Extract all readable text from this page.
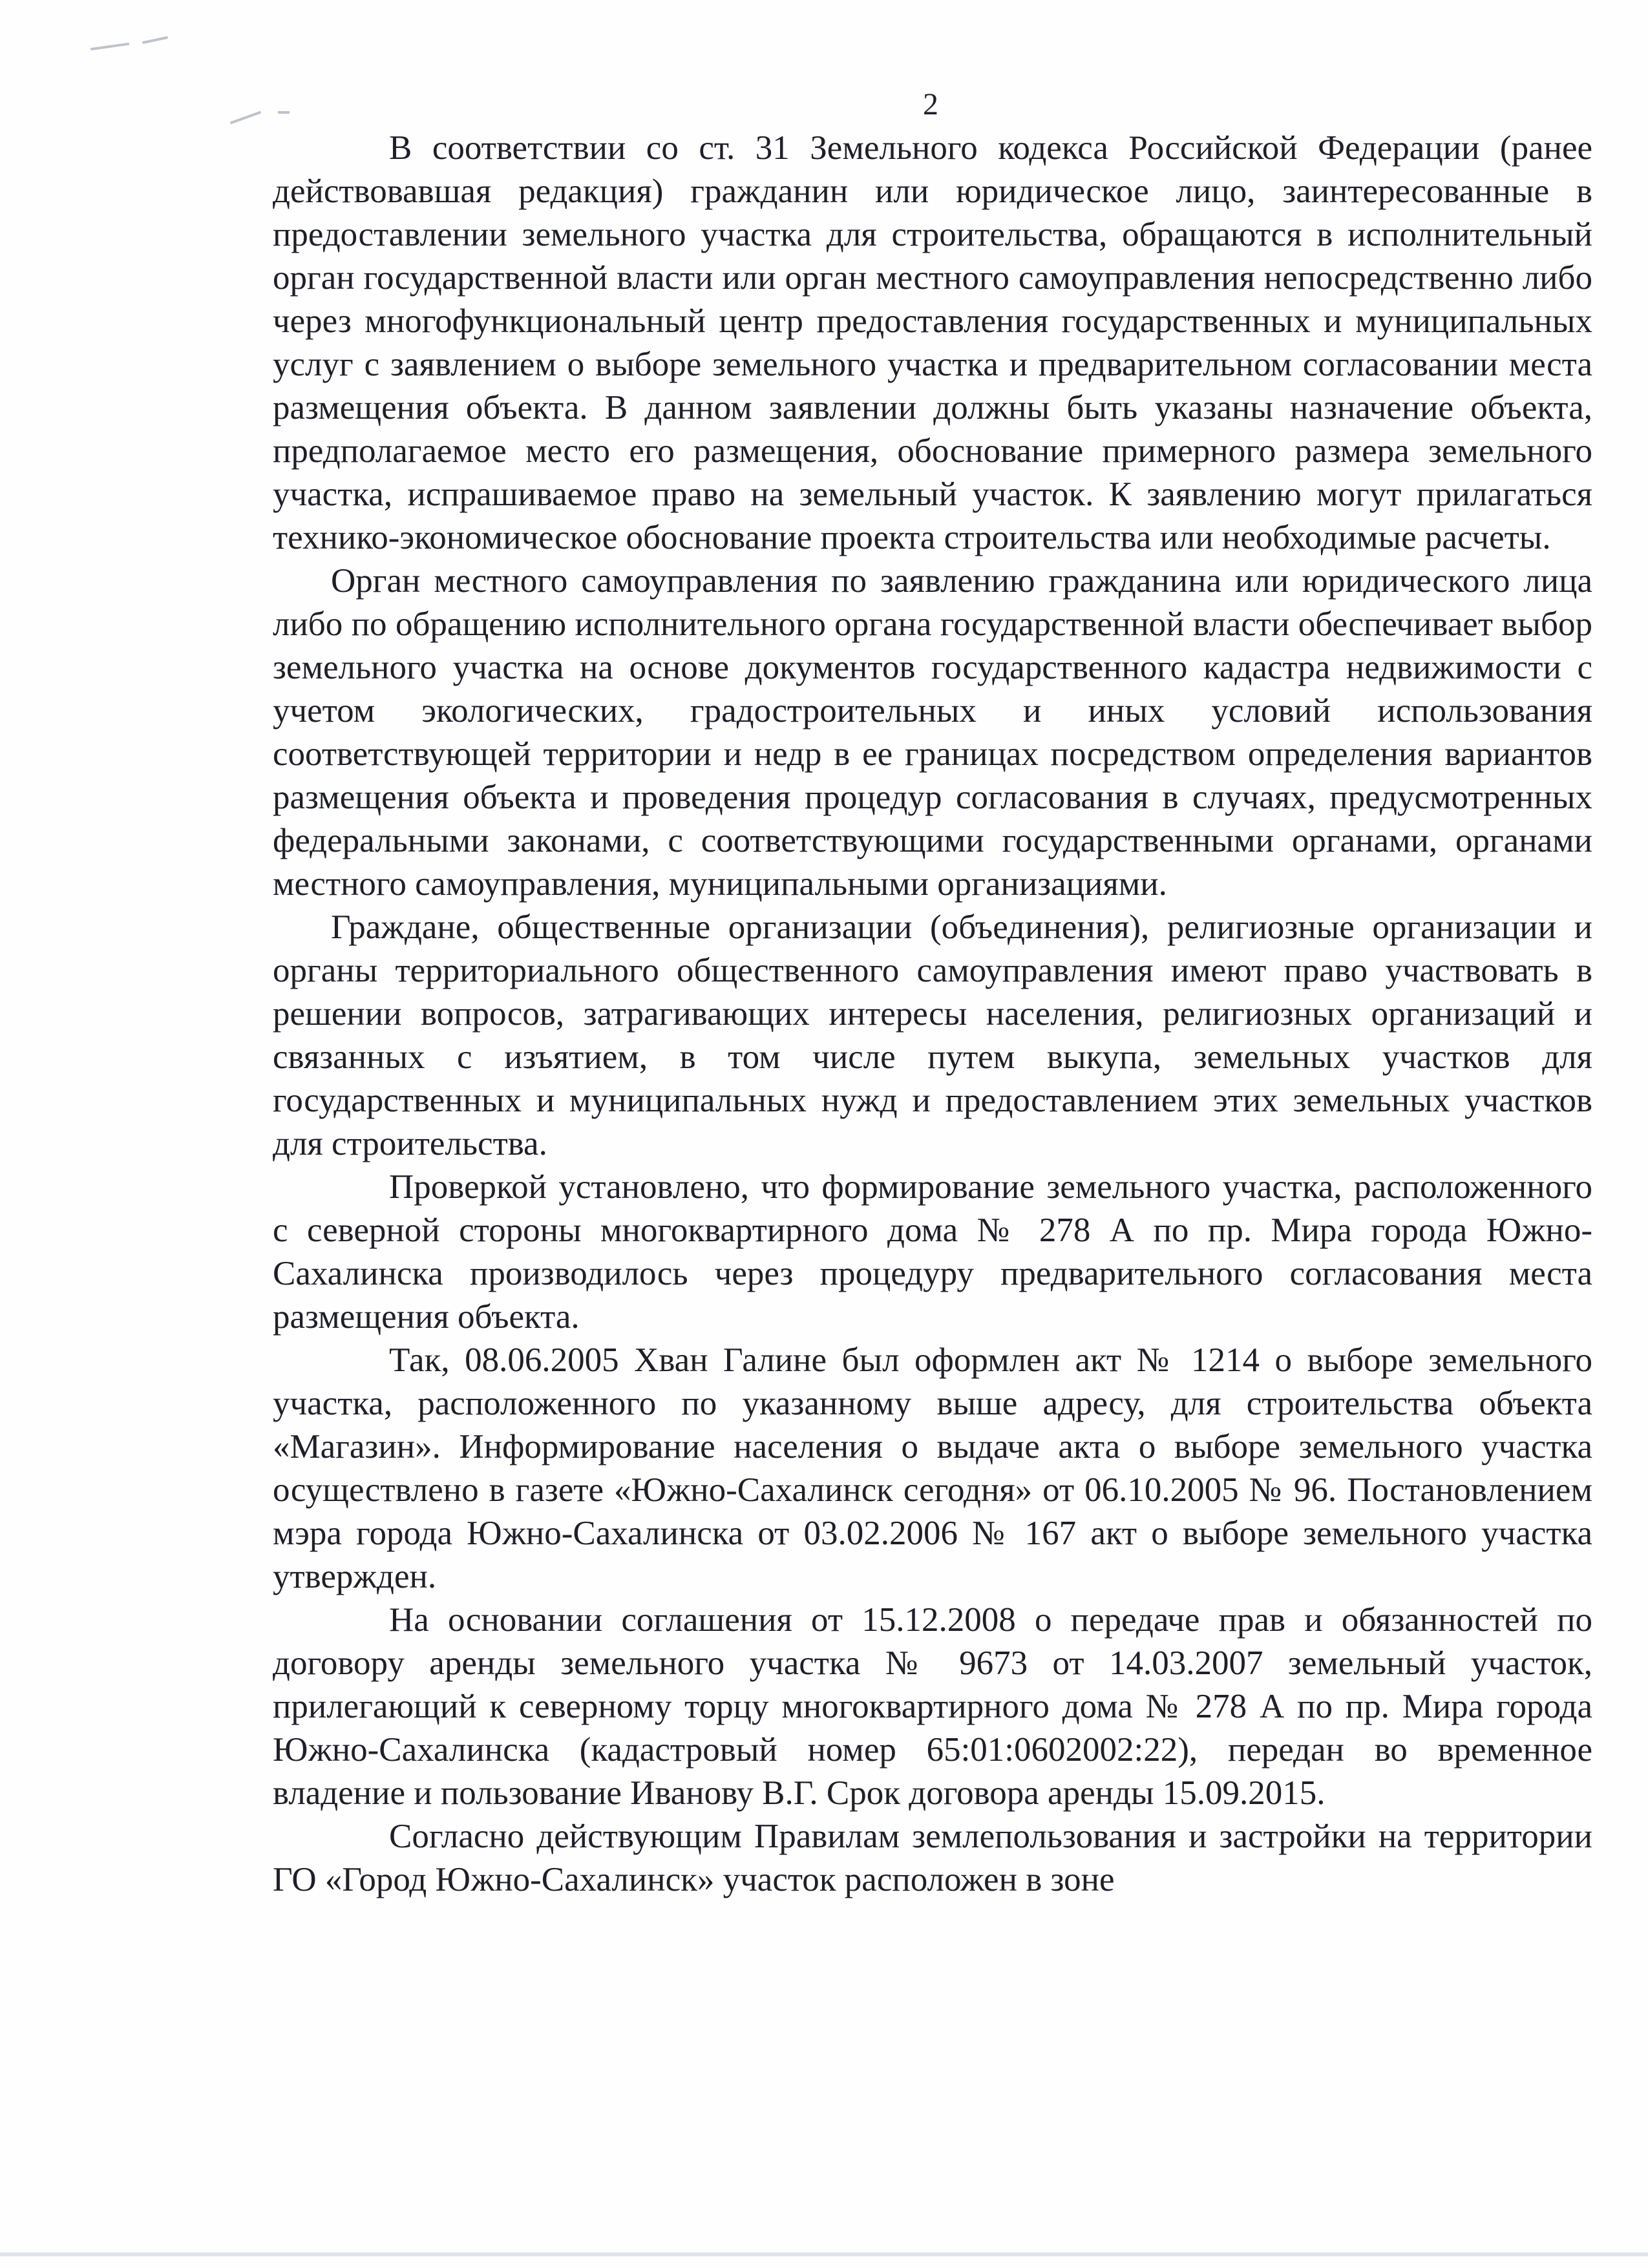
2

В соответствии со ст. 31 Земельного кодекса Российской Федерации (ранее действовавшая редакция) гражданин или юридическое лицо, заинтересованные в предоставлении земельного участка для строительства, обращаются в исполнительный орган государственной власти или орган местного самоуправления непосредственно либо через многофункциональный центр предоставления государственных и муниципальных услуг с заявлением о выборе земельного участка и предварительном согласовании места размещения объекта. В данном заявлении должны быть указаны назначение объекта, предполагаемое место его размещения, обоснование примерного размера земельного участка, испрашиваемое право на земельный участок. К заявлению могут прилагаться технико-экономическое обоснование проекта строительства или необходимые расчеты.

Орган местного самоуправления по заявлению гражданина или юридического лица либо по обращению исполнительного органа государственной власти обеспечивает выбор земельного участка на основе документов государственного кадастра недвижимости с учетом экологических, градостроительных и иных условий использования соответствующей территории и недр в ее границах посредством определения вариантов размещения объекта и проведения процедур согласования в случаях, предусмотренных федеральными законами, с соответствующими государственными органами, органами местного самоуправления, муниципальными организациями.

Граждане, общественные организации (объединения), религиозные организации и органы территориального общественного самоуправления имеют право участвовать в решении вопросов, затрагивающих интересы населения, религиозных организаций и связанных с изъятием, в том числе путем выкупа, земельных участков для государственных и муниципальных нужд и предоставлением этих земельных участков для строительства.

Проверкой установлено, что формирование земельного участка, расположенного с северной стороны многоквартирного дома № 278 А по пр. Мира города Южно-Сахалинска производилось через процедуру предварительного согласования места размещения объекта.

Так, 08.06.2005 Хван Галине был оформлен акт № 1214 о выборе земельного участка, расположенного по указанному выше адресу, для строительства объекта «Магазин». Информирование населения о выдаче акта о выборе земельного участка осуществлено в газете «Южно-Сахалинск сегодня» от 06.10.2005 № 96. Постановлением мэра города Южно-Сахалинска от 03.02.2006 № 167 акт о выборе земельного участка утвержден.

На основании соглашения от 15.12.2008 о передаче прав и обязанностей по договору аренды земельного участка № 9673 от 14.03.2007 земельный участок, прилегающий к северному торцу многоквартирного дома № 278 А по пр. Мира города Южно-Сахалинска (кадастровый номер 65:01:0602002:22), передан во временное владение и пользование Иванову В.Г. Срок договора аренды 15.09.2015.

Согласно действующим Правилам землепользования и застройки на территории ГО «Город Южно-Сахалинск» участок расположен в зоне
